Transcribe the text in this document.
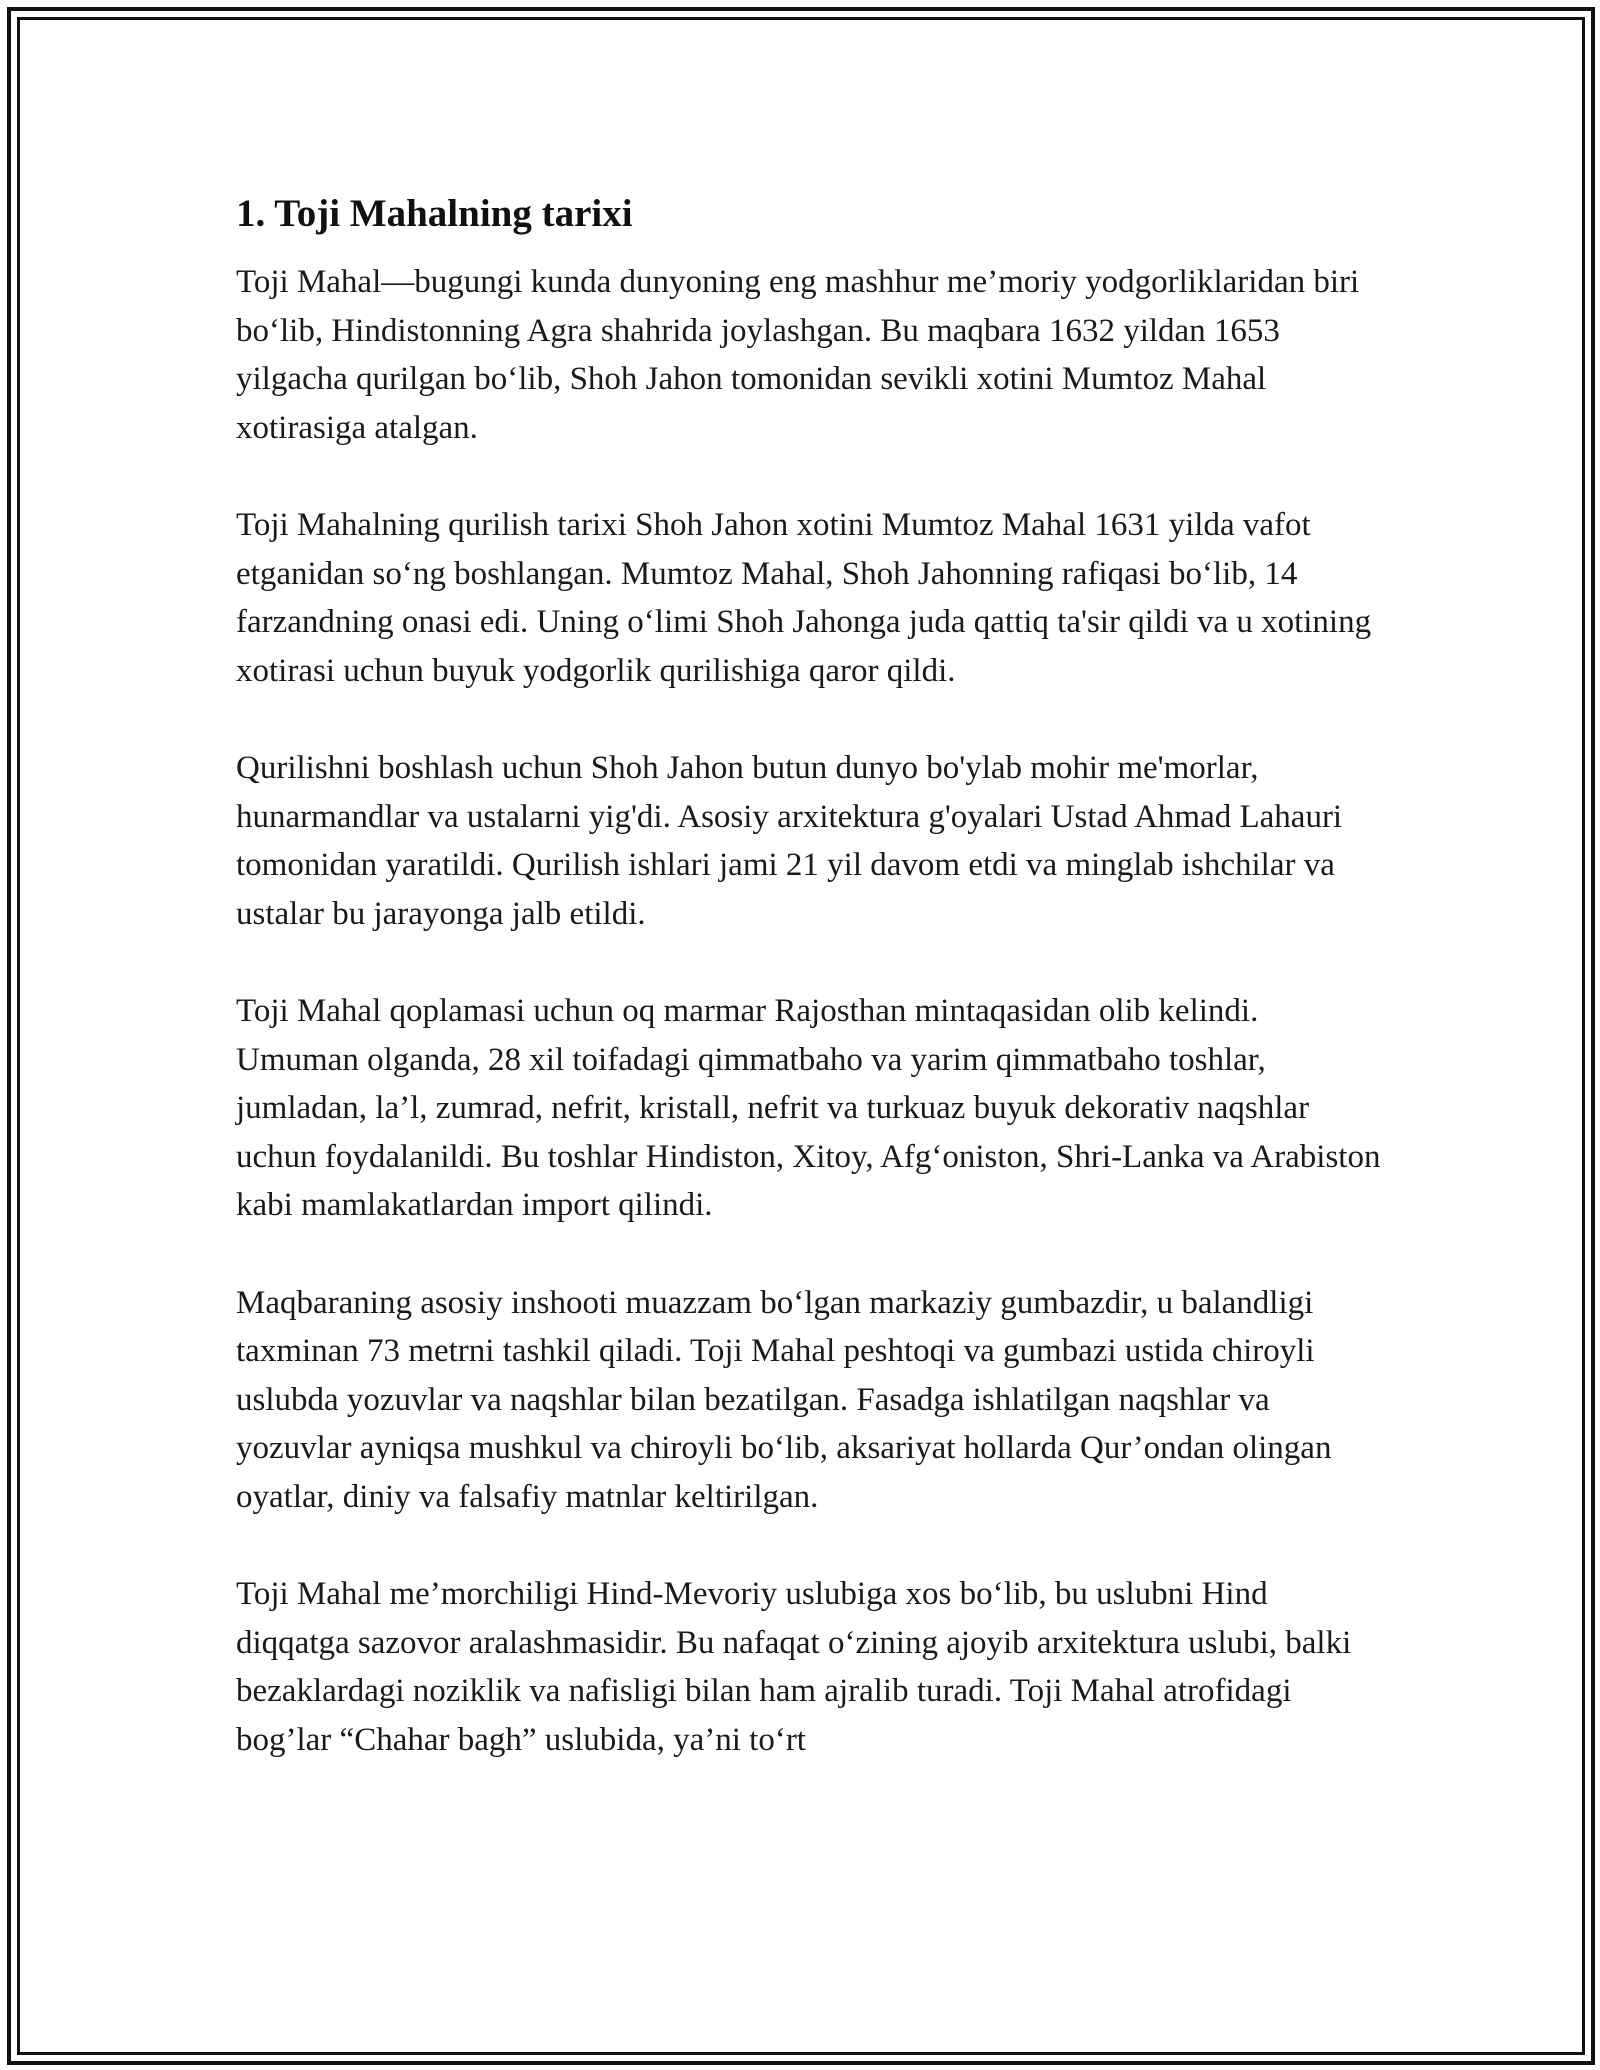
1. Toji Mahalning tarixi

Toji Mahal—bugungi kunda dunyoning eng mashhur me’moriy yodgorliklaridan biri bo‘lib, Hindistonning Agra shahrida joylashgan. Bu maqbara 1632 yildan 1653 yilgacha qurilgan bo‘lib, Shoh Jahon tomonidan sevikli xotini Mumtoz Mahal xotirasiga atalgan.

Toji Mahalning qurilish tarixi Shoh Jahon xotini Mumtoz Mahal 1631 yilda vafot etganidan so‘ng boshlangan. Mumtoz Mahal, Shoh Jahonning rafiqasi bo‘lib, 14 farzandning onasi edi. Uning o‘limi Shoh Jahonga juda qattiq ta'sir qildi va u xotining xotirasi uchun buyuk yodgorlik qurilishiga qaror qildi.

Qurilishni boshlash uchun Shoh Jahon butun dunyo bo'ylab mohir me'morlar, hunarmandlar va ustalarni yig'di. Asosiy arxitektura g'oyalari Ustad Ahmad Lahauri tomonidan yaratildi. Qurilish ishlari jami 21 yil davom etdi va minglab ishchilar va ustalar bu jarayonga jalb etildi.

Toji Mahal qoplamasi uchun oq marmar Rajosthan mintaqasidan olib kelindi. Umuman olganda, 28 xil toifadagi qimmatbaho va yarim qimmatbaho toshlar, jumladan, la’l, zumrad, nefrit, kristall, nefrit va turkuaz buyuk dekorativ naqshlar uchun foydalanildi. Bu toshlar Hindiston, Xitoy, Afg‘oniston, Shri-Lanka va Arabiston kabi mamlakatlardan import qilindi.

Maqbaraning asosiy inshooti muazzam bo‘lgan markaziy gumbazdir, u balandligi taxminan 73 metrni tashkil qiladi. Toji Mahal peshtoqi va gumbazi ustida chiroyli uslubda yozuvlar va naqshlar bilan bezatilgan. Fasadga ishlatilgan naqshlar va yozuvlar ayniqsa mushkul va chiroyli bo‘lib, aksariyat hollarda Qur’ondan olingan oyatlar, diniy va falsafiy matnlar keltirilgan.

Toji Mahal me’morchiligi Hind-Mevoriy uslubiga xos bo‘lib, bu uslubni Hind diqqatga sazovor aralashmasidir. Bu nafaqat o‘zining ajoyib arxitektura uslubi, balki bezaklardagi noziklik va nafisligi bilan ham ajralib turadi. Toji Mahal atrofidagi bog’lar “Chahar bagh” uslubida, ya’ni to‘rt
